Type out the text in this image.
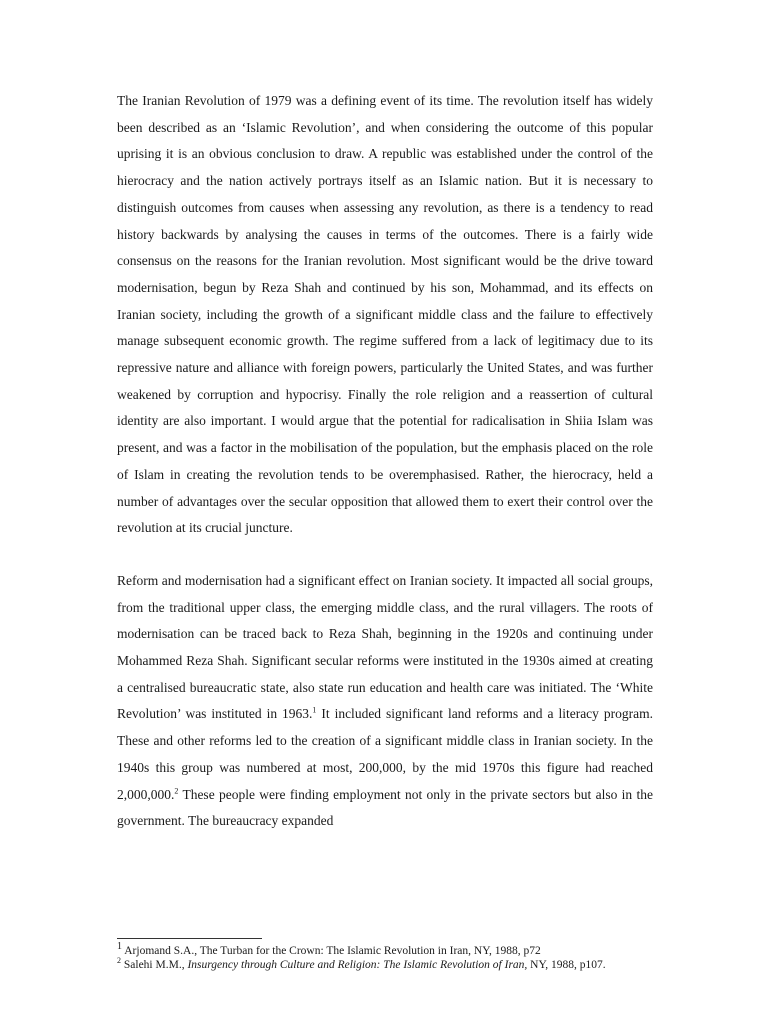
The Iranian Revolution of 1979 was a defining event of its time. The revolution itself has widely been described as an ‘Islamic Revolution’, and when considering the outcome of this popular uprising it is an obvious conclusion to draw. A republic was established under the control of the hierocracy and the nation actively portrays itself as an Islamic nation. But it is necessary to distinguish outcomes from causes when assessing any revolution, as there is a tendency to read history backwards by analysing the causes in terms of the outcomes. There is a fairly wide consensus on the reasons for the Iranian revolution. Most significant would be the drive toward modernisation, begun by Reza Shah and continued by his son, Mohammad, and its effects on Iranian society, including the growth of a significant middle class and the failure to effectively manage subsequent economic growth. The regime suffered from a lack of legitimacy due to its repressive nature and alliance with foreign powers, particularly the United States, and was further weakened by corruption and hypocrisy. Finally the role religion and a reassertion of cultural identity are also important. I would argue that the potential for radicalisation in Shiia Islam was present, and was a factor in the mobilisation of the population, but the emphasis placed on the role of Islam in creating the revolution tends to be overemphasised. Rather, the hierocracy, held a number of advantages over the secular opposition that allowed them to exert their control over the revolution at its crucial juncture.

Reform and modernisation had a significant effect on Iranian society. It impacted all social groups, from the traditional upper class, the emerging middle class, and the rural villagers. The roots of modernisation can be traced back to Reza Shah, beginning in the 1920s and continuing under Mohammed Reza Shah. Significant secular reforms were instituted in the 1930s aimed at creating a centralised bureaucratic state, also state run education and health care was initiated. The ‘White Revolution’ was instituted in 1963.$^1$ It included significant land reforms and a literacy program. These and other reforms led to the creation of a significant middle class in Iranian society. In the 1940s this group was numbered at most, 200,000, by the mid 1970s this figure had reached 2,000,000.$^2$ These people were finding employment not only in the private sectors but also in the government. The bureaucracy expanded

$^1$ Arjomand S.A., The Turban for the Crown: The Islamic Revolution in Iran, NY, 1988, p72

$^2$ Salehi M.M., Insurgency through Culture and Religion: The Islamic Revolution of Iran, NY, 1988, p107.
